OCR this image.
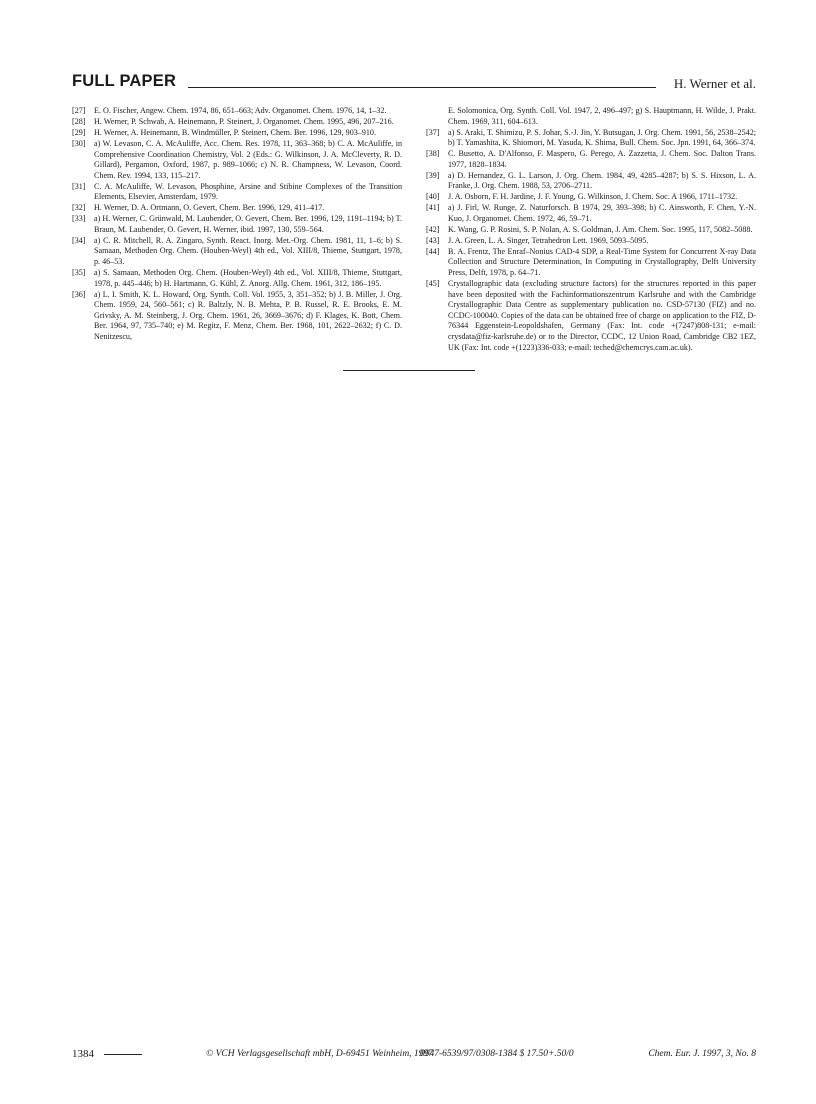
FULL PAPER	H. Werner et al.
[27] E. O. Fischer, Angew. Chem. 1974, 86, 651–663; Adv. Organomet. Chem. 1976, 14, 1–32.
[28] H. Werner, P. Schwab, A. Heinemann, P. Steinert, J. Organomet. Chem. 1995, 496, 207–216.
[29] H. Werner, A. Heinemann, B. Windmüller, P. Steinert, Chem. Ber. 1996, 129, 903–910.
[30] a) W. Levason, C. A. McAuliffe, Acc. Chem. Res. 1978, 11, 363–368; b) C. A. McAuliffe, in Comprehensive Coordination Chemistry, Vol. 2 (Eds.: G. Wilkinson, J. A. McCleverty, R. D. Gillard), Pergamon, Oxford, 1987, p. 989–1066; c) N. R. Champness, W. Levason, Coord. Chem. Rev. 1994, 133, 115–217.
[31] C. A. McAuliffe, W. Levason, Phosphine, Arsine and Stibine Complexes of the Transition Elements, Elsevier, Amsterdam, 1979.
[32] H. Werner, D. A. Ortmann, O. Gevert, Chem. Ber. 1996, 129, 411–417.
[33] a) H. Werner, C. Grünwald, M. Laubender, O. Gevert, Chem. Ber. 1996, 129, 1191–1194; b) T. Braun, M. Laubender, O. Gevert, H. Werner, ibid. 1997, 130, 559–564.
[34] a) C. R. Mitchell, R. A. Zingaro, Synth. React. Inorg. Met.-Org. Chem. 1981, 11, 1–6; b) S. Samaan, Methoden Org. Chem. (Houben-Weyl) 4th ed., Vol. XIII/8, Thieme, Stuttgart, 1978, p. 46–53.
[35] a) S. Samaan, Methoden Org. Chem. (Houben-Weyl) 4th ed., Vol. XIII/8, Thieme, Stuttgart, 1978, p. 445–446; b) H. Hartmann, G. Kühl, Z. Anorg. Allg. Chem. 1961, 312, 186–195.
[36] a) L. I. Smith, K. L. Howard, Org. Synth. Coll. Vol. 1955, 3, 351–352; b) J. B. Miller, J. Org. Chem. 1959, 24, 560–561; c) R. Baltzly, N. B. Mehta, P. B. Russel, R. E. Brooks, E. M. Grivsky, A. M. Steinberg, J. Org. Chem. 1961, 26, 3669–3676; d) F. Klages, K. Bott, Chem. Ber. 1964, 97, 735–740; e) M. Regitz, F. Menz, Chem. Ber. 1968, 101, 2622–2632; f) C. D. Nenitzescu,
E. Solomonica, Org. Synth. Coll. Vol. 1947, 2, 496–497; g) S. Hauptmann, H. Wilde, J. Prakt. Chem. 1969, 311, 604–613.
[37] a) S. Araki, T. Shimizu, P. S. Johar, S.-J. Jin, Y. Butsugan, J. Org. Chem. 1991, 56, 2538–2542; b) T. Yamashita, K. Shiomori, M. Yasuda, K. Shima, Bull. Chem. Soc. Jpn. 1991, 64, 366–374.
[38] C. Busetto, A. D'Alfonso, F. Maspero, G. Perego, A. Zazzetta, J. Chem. Soc. Dalton Trans. 1977, 1828–1834.
[39] a) D. Hernandez, G. L. Larson, J. Org. Chem. 1984, 49, 4285–4287; b) S. S. Hixson, L. A. Franke, J. Org. Chem. 1988, 53, 2706–2711.
[40] J. A. Osborn, F. H. Jardine, J. F. Young, G. Wilkinson, J. Chem. Soc. A 1966, 1711–1732.
[41] a) J. Firl, W. Runge, Z. Naturforsch. B 1974, 29, 393–398; b) C. Ainsworth, F. Chen, Y.-N. Kuo, J. Organomet. Chem. 1972, 46, 59–71.
[42] K. Wang, G. P. Rosini, S. P. Nolan, A. S. Goldman, J. Am. Chem. Soc. 1995, 117, 5082–5088.
[43] J. A. Green, L. A. Singer, Tetrahedron Lett. 1969, 5093–5095.
[44] B. A. Frentz, The Enraf–Nonius CAD-4 SDP, a Real-Time System for Concurrent X-ray Data Collection and Structure Determination, In Computing in Crystallography, Delft University Press, Delft, 1978, p. 64–71.
[45] Crystallographic data (excluding structure factors) for the structures reported in this paper have been deposited with the Fachinformationszentrum Karlsruhe and with the Cambridge Crystallographic Data Centre as supplementary publication no. CSD-57130 (FIZ) and no. CCDC-100040. Copies of the data can be obtained free of charge on application to the FIZ, D-76344 Eggenstein-Leopoldshafen, Germany (Fax: Int. code +(7247)808-131; e-mail: crysdata@fiz-karlsruhe.de) or to the Director, CCDC, 12 Union Road, Cambridge CB2 1EZ, UK (Fax: Int. code +(1223)336-033; e-mail: teched@chemcrys.cam.ac.uk).
1384	© VCH Verlagsgesellschaft mbH, D-69451 Weinheim, 1997
0947-6539/97/0308-1384 $ 17.50+.50/0	Chem. Eur. J. 1997, 3, No. 8
